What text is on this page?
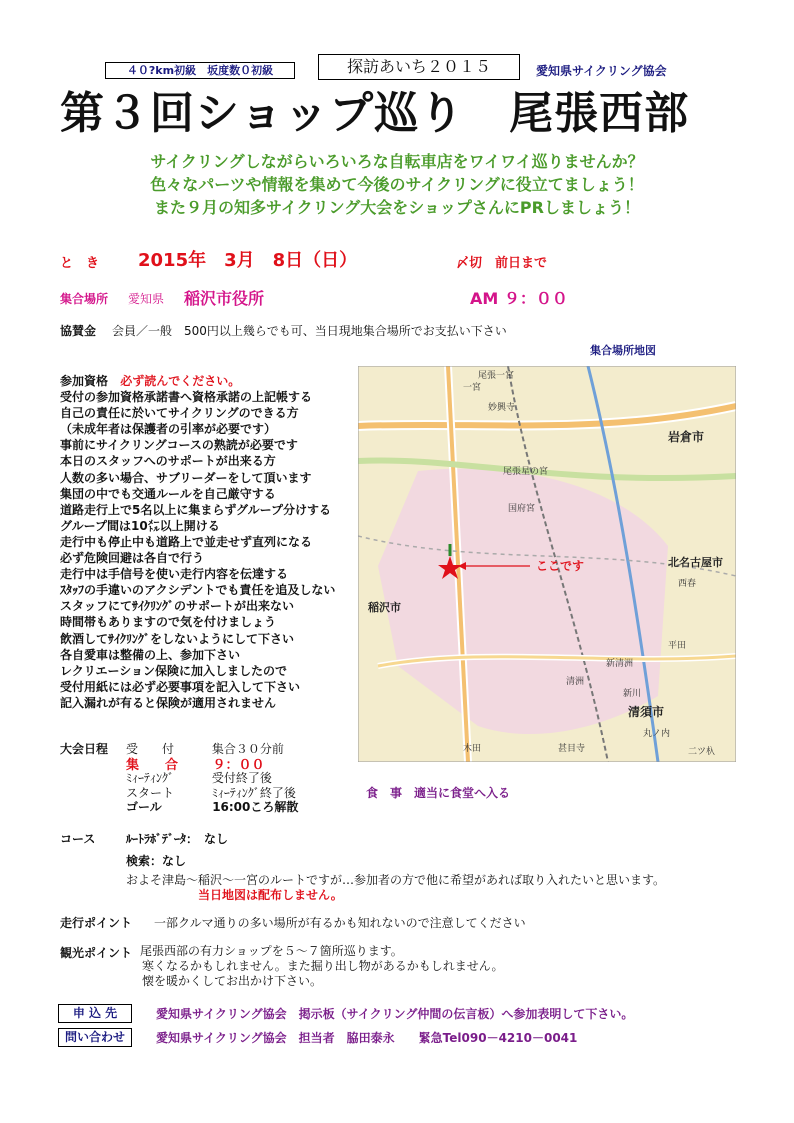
４０?km初級　坂度数０初級	探訪あいち２０１５	愛知県サイクリング協会
第３回ショップ巡り　尾張西部
サイクリングしながらいろいろな自転車店をワイワイ巡りませんか？
色々なパーツや情報を集めて今後のサイクリングに役立てましょう！
また９月の知多サイクリング大会をショップさんにPRしましょう！
と　き 2015年　3月　8日（日）	〆切　前日まで
集合場所 愛知県 稲沢市役所	AM ９：００
協賛金 会員／一般　500円以上幾らでも可、当日現地集合場所でお支払い下さい
集合場所地図
参加資格 必ず読んでください。
受付の参加資格承諾書へ資格承諾の上記帳する
自己の責任に於いてサイクリングのできる方
（未成年者は保護者の引率が必要です）
事前にサイクリングコースの熟読が必要です
本日のスタッフへのサポートが出来る方
人数の多い場合、サブリーダーをして頂います
集団の中でも交通ルールを自己厳守する
道路走行上で5名以上に集まらずグループ分けする
グループ間は10㍍以上開ける
走行中も停止中も道路上で並走せず直列になる
必ず危険回避は各自で行う
走行中は手信号を使い走行内容を伝達する
ｽﾀｯﾌの手違いのアクシデントでも責任を追及しない
スタッフにてｻｲｸﾘﾝｸﾞのサポートが出来ない
時間帯もありますので気を付けましょう
飲酒してｻｲｸﾘﾝｸﾞをしないようにして下さい
各自愛車は整備の上、参加下さい
レクリエーション保険に加入しましたので
受付用紙には必ず必要事項を記入して下さい
記入漏れが有ると保険が適用されません
尾張一宮
岩倉市
北名古屋市
稲沢市
清須市
国府宮
尾張星の宮
西春
丸ノ内
甚目寺
清洲
新川
二ツ杁
新清洲
平田
木田
一宮
妙興寺
ここです
大会日程 受　　付	集合３０分前
集　　合	９：００
ﾐｨｰﾃｨﾝｸﾞ	受付終了後
スタート	ﾐｨｰﾃｨﾝｸﾞ終了後
ゴール	16:00ころ解散
食　事　適当に食堂へ入る
コース	ﾙｰﾄﾗﾎﾞﾃﾞｰﾀ：　なし
検索：なし
およそ津島～稲沢～一宮のルートですが…参加者の方で他に希望があれば取り入れたいと思います。
当日地図は配布しません。
走行ポイント 一部クルマ通りの多い場所が有るかも知れないので注意してください
観光ポイント 尾張西部の有力ショップを５～７箇所巡ります。
寒くなるかもしれません。また掘り出し物があるかもしれません。
懐を暖かくしてお出かけ下さい。
申 込 先	愛知県サイクリング協会　掲示板（サイクリング仲間の伝言板）へ参加表明して下さい。
問い合わせ	愛知県サイクリング協会　担当者　脇田泰永　　緊急Tel090－4210－0041
